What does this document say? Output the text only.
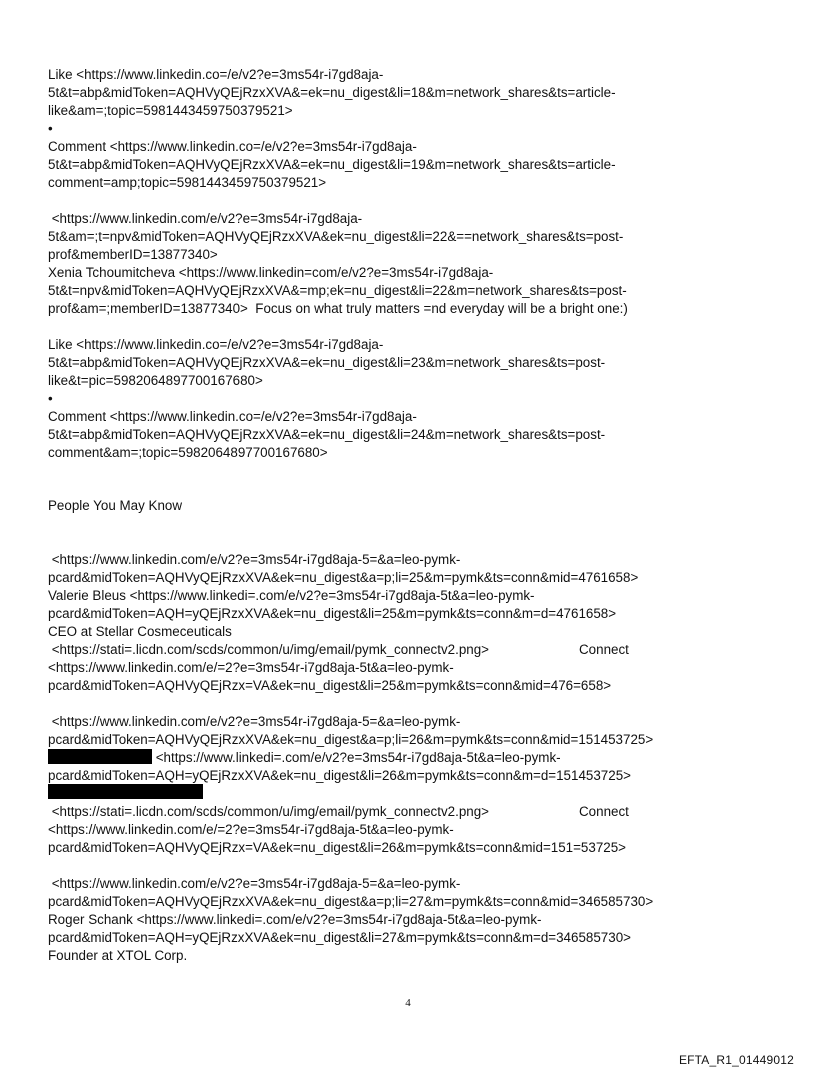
Like <https://www.linkedin.co=/e/v2?e=3ms54r-i7gd8aja-
5t&t=abp&midToken=AQHVyQEjRzxXVA&=ek=nu_digest&li=18&m=network_shares&ts=article-
like&am=;topic=5981443459750379521>
•
Comment <https://www.linkedin.co=/e/v2?e=3ms54r-i7gd8aja-
5t&t=abp&midToken=AQHVyQEjRzxXVA&=ek=nu_digest&li=19&m=network_shares&ts=article-
comment=amp;topic=5981443459750379521>
<https://www.linkedin.com/e/v2?e=3ms54r-i7gd8aja-
5t&am=;t=npv&midToken=AQHVyQEjRzxXVA&ek=nu_digest&li=22&==network_shares&ts=post-
prof&memberID=13877340>
Xenia Tchoumitcheva <https://www.linkedin=com/e/v2?e=3ms54r-i7gd8aja-
5t&t=npv&midToken=AQHVyQEjRzxXVA&=mp;ek=nu_digest&li=22&m=network_shares&ts=post-
prof&am=;memberID=13877340>  Focus on what truly matters =nd everyday will be a bright one:)
Like <https://www.linkedin.co=/e/v2?e=3ms54r-i7gd8aja-
5t&t=abp&midToken=AQHVyQEjRzxXVA&=ek=nu_digest&li=23&m=network_shares&ts=post-
like&t=pic=5982064897700167680>
•
Comment <https://www.linkedin.co=/e/v2?e=3ms54r-i7gd8aja-
5t&t=abp&midToken=AQHVyQEjRzxXVA&=ek=nu_digest&li=24&m=network_shares&ts=post-
comment&am=;topic=5982064897700167680>
People You May Know
<https://www.linkedin.com/e/v2?e=3ms54r-i7gd8aja-5=&a=leo-pymk-
pcard&midToken=AQHVyQEjRzxXVA&ek=nu_digest&a=p;li=25&m=pymk&ts=conn&mid=4761658>
Valerie Bleus <https://www.linkedi=.com/e/v2?e=3ms54r-i7gd8aja-5t&a=leo-pymk-
pcard&midToken=AQH=yQEjRzxXVA&ek=nu_digest&li=25&m=pymk&ts=conn&m=d=4761658>
CEO at Stellar Cosmeceuticals
<https://stati=.licdn.com/scds/common/u/img/email/pymk_connectv2.png>	Connect
<https://www.linkedin.com/e/=2?e=3ms54r-i7gd8aja-5t&a=leo-pymk-
pcard&midToken=AQHVyQEjRzx=VA&ek=nu_digest&li=25&m=pymk&ts=conn&mid=476=658>
<https://www.linkedin.com/e/v2?e=3ms54r-i7gd8aja-5=&a=leo-pymk-
pcard&midToken=AQHVyQEjRzxXVA&ek=nu_digest&a=p;li=26&m=pymk&ts=conn&mid=151453725>
<https://www.linkedi=.com/e/v2?e=3ms54r-i7gd8aja-5t&a=leo-pymk-
pcard&midToken=AQH=yQEjRzxXVA&ek=nu_digest&li=26&m=pymk&ts=conn&m=d=151453725>
<https://stati=.licdn.com/scds/common/u/img/email/pymk_connectv2.png>	Connect
<https://www.linkedin.com/e/=2?e=3ms54r-i7gd8aja-5t&a=leo-pymk-
pcard&midToken=AQHVyQEjRzx=VA&ek=nu_digest&li=26&m=pymk&ts=conn&mid=151=53725>
<https://www.linkedin.com/e/v2?e=3ms54r-i7gd8aja-5=&a=leo-pymk-
pcard&midToken=AQHVyQEjRzxXVA&ek=nu_digest&a=p;li=27&m=pymk&ts=conn&mid=346585730>
Roger Schank <https://www.linkedi=.com/e/v2?e=3ms54r-i7gd8aja-5t&a=leo-pymk-
pcard&midToken=AQH=yQEjRzxXVA&ek=nu_digest&li=27&m=pymk&ts=conn&m=d=346585730>
Founder at XTOL Corp.
4
EFTA_R1_01449012
